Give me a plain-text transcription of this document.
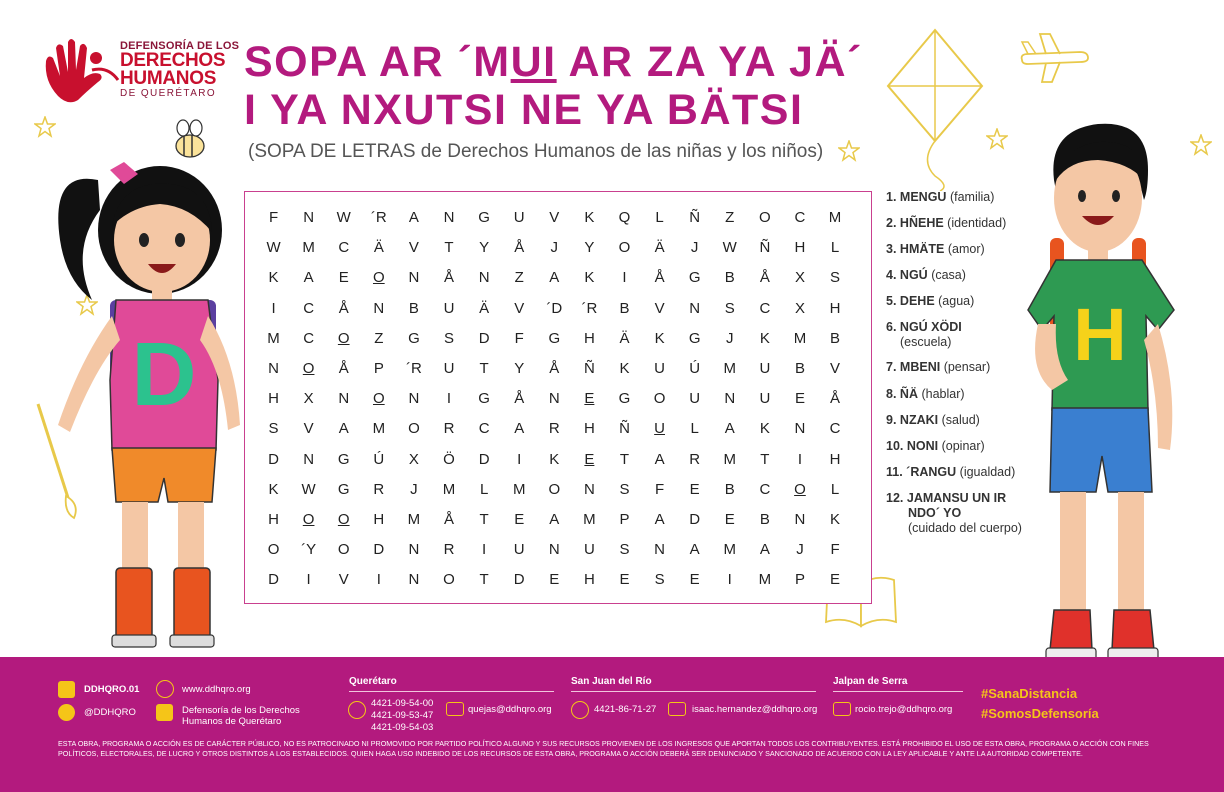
DEFENSORÍA DE LOS
DERECHOS
HUMANOS
DE QUERÉTARO
SOPA AR ´MUI AR ZA YA JÄ´
I YA NXUTSI NE YA BÄTSI
(SOPA DE LETRAS de Derechos Humanos de las niñas y los niños)
D	H
F	N	W	´R	A	N	G	U	V	K	Q	L	Ñ	Z	O	C	M
W	M	C	Ä	V	T	Y	Å	J	Y	O	Ä	J	W	Ñ	H	L
K	A	E	O	N	Å	N	Z	A	K	I	Å	G	B	Å	X	S
I	C	Å	N	B	U	Ä	V	´D	´R	B	V	N	S	C	X	H
M	C	O	Z	G	S	D	F	G	H	Ä	K	G	J	K	M	B
N	O	Å	P	´R	U	T	Y	Å	Ñ	K	U	Ú	M	U	B	V
H	X	N	O	N	I	G	Å	N	E	G	O	U	N	U	E	Å
S	V	A	M	O	R	C	A	R	H	Ñ	U	L	A	K	N	C
D	N	G	Ú	X	Ö	D	I	K	E	T	A	R	M	T	I	H
K	W	G	R	J	M	L	M	O	N	S	F	E	B	C	O	L
H	O	O	H	M	Å	T	E	A	M	P	A	D	E	B	N	K
O	´Y	O	D	N	R	I	U	N	U	S	N	A	M	A	J	F
D	I	V	I	N	O	T	D	E	H	E	S	E	I	M	P	E
1. MENGU (familia)
2. HÑEHE (identidad)
3. HMÄTE (amor)
4. NGÚ (casa)
5. DEHE (agua)
6. NGÚ XÖDI
(escuela)
7. MBENI (pensar)
8. ÑÄ (hablar)
9. NZAKI (salud)
10. NONI (opinar)
11. ´RANGU (igualdad)
12. JAMANSU UN IR
NDO´ YO
(cuidado del cuerpo)
DDHQRO.01	www.ddhqro.org
@DDHQRO	Defensoría de los Derechos Humanos de Querétaro
Querétaro
4421-09-54-00
4421-09-53-47
4421-09-54-03
quejas@ddhqro.org
San Juan del Río
4421-86-71-27	isaac.hernandez@ddhqro.org
Jalpan de Serra
rocio.trejo@ddhqro.org
#SanaDistancia
#SomosDefensoría
ESTA OBRA, PROGRAMA O ACCIÓN ES DE CARÁCTER PÚBLICO, NO ES PATROCINADO NI PROMOVIDO POR PARTIDO POLÍTICO ALGUNO Y SUS RECURSOS PROVIENEN DE LOS INGRESOS QUE APORTAN TODOS LOS CONTRIBUYENTES. ESTÁ PROHIBIDO EL USO DE ESTA OBRA, PROGRAMA O ACCIÓN CON FINES POLÍTICOS, ELECTORALES, DE LUCRO Y OTROS DISTINTOS A LOS ESTABLECIDOS. QUIEN HAGA USO INDEBIDO DE LOS RECURSOS DE ESTA OBRA, PROGRAMA O ACCIÓN DEBERÁ SER DENUNCIADO Y SANCIONADO DE ACUERDO CON LA LEY APLICABLE Y ANTE LA AUTORIDAD COMPETENTE.
